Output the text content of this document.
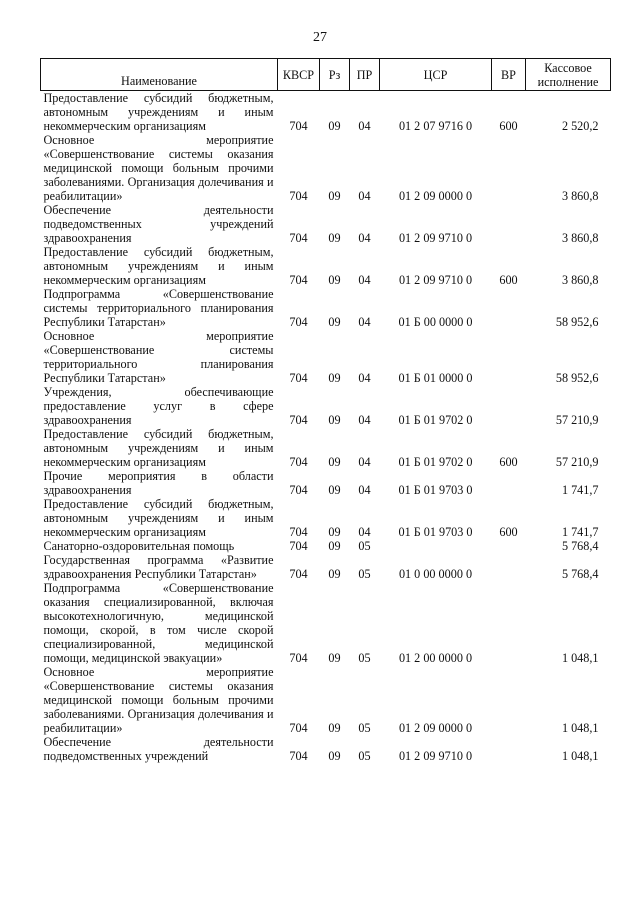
27
Наименование	КВСР	Рз	ПР	ЦСР	ВР	Кассовое исполнение
Предоставление субсидий бюджетным, автономным учреждениям и иным некоммерческим организациям	704	09	04	01 2 07 9716 0	600	2 520,2
Основное мероприятие «Совершенствование системы оказания медицинской помощи больным прочими заболеваниями. Организация долечивания и реабилитации»	704	09	04	01 2 09 0000 0		3 860,8
Обеспечение деятельности подведомственных учреждений здравоохранения	704	09	04	01 2 09 9710 0		3 860,8
Предоставление субсидий бюджетным, автономным учреждениям и иным некоммерческим организациям	704	09	04	01 2 09 9710 0	600	3 860,8
Подпрограмма «Совершенствование системы территориального планирования Республики Татарстан»	704	09	04	01 Б 00 0000 0		58 952,6
Основное мероприятие «Совершенствование системы территориального планирования Республики Татарстан»	704	09	04	01 Б 01 0000 0		58 952,6
Учреждения, обеспечивающие предоставление услуг в сфере здравоохранения	704	09	04	01 Б 01 9702 0		57 210,9
Предоставление субсидий бюджетным, автономным учреждениям и иным некоммерческим организациям	704	09	04	01 Б 01 9702 0	600	57 210,9
Прочие мероприятия в области здравоохранения	704	09	04	01 Б 01 9703 0		1 741,7
Предоставление субсидий бюджетным, автономным учреждениям и иным некоммерческим организациям	704	09	04	01 Б 01 9703 0	600	1 741,7
Санаторно-оздоровительная помощь	704	09	05			5 768,4
Государственная программа «Развитие здравоохранения Республики Татарстан»	704	09	05	01 0 00 0000 0		5 768,4
Подпрограмма «Совершенствование оказания специализированной, включая высокотехнологичную, медицинской помощи, скорой, в том числе скорой специализированной, медицинской помощи, медицинской эвакуации»	704	09	05	01 2 00 0000 0		1 048,1
Основное мероприятие «Совершенствование системы оказания медицинской помощи больным прочими заболеваниями. Организация долечивания и реабилитации»	704	09	05	01 2 09 0000 0		1 048,1
Обеспечение деятельности подведомственных учреждений	704	09	05	01 2 09 9710 0		1 048,1
